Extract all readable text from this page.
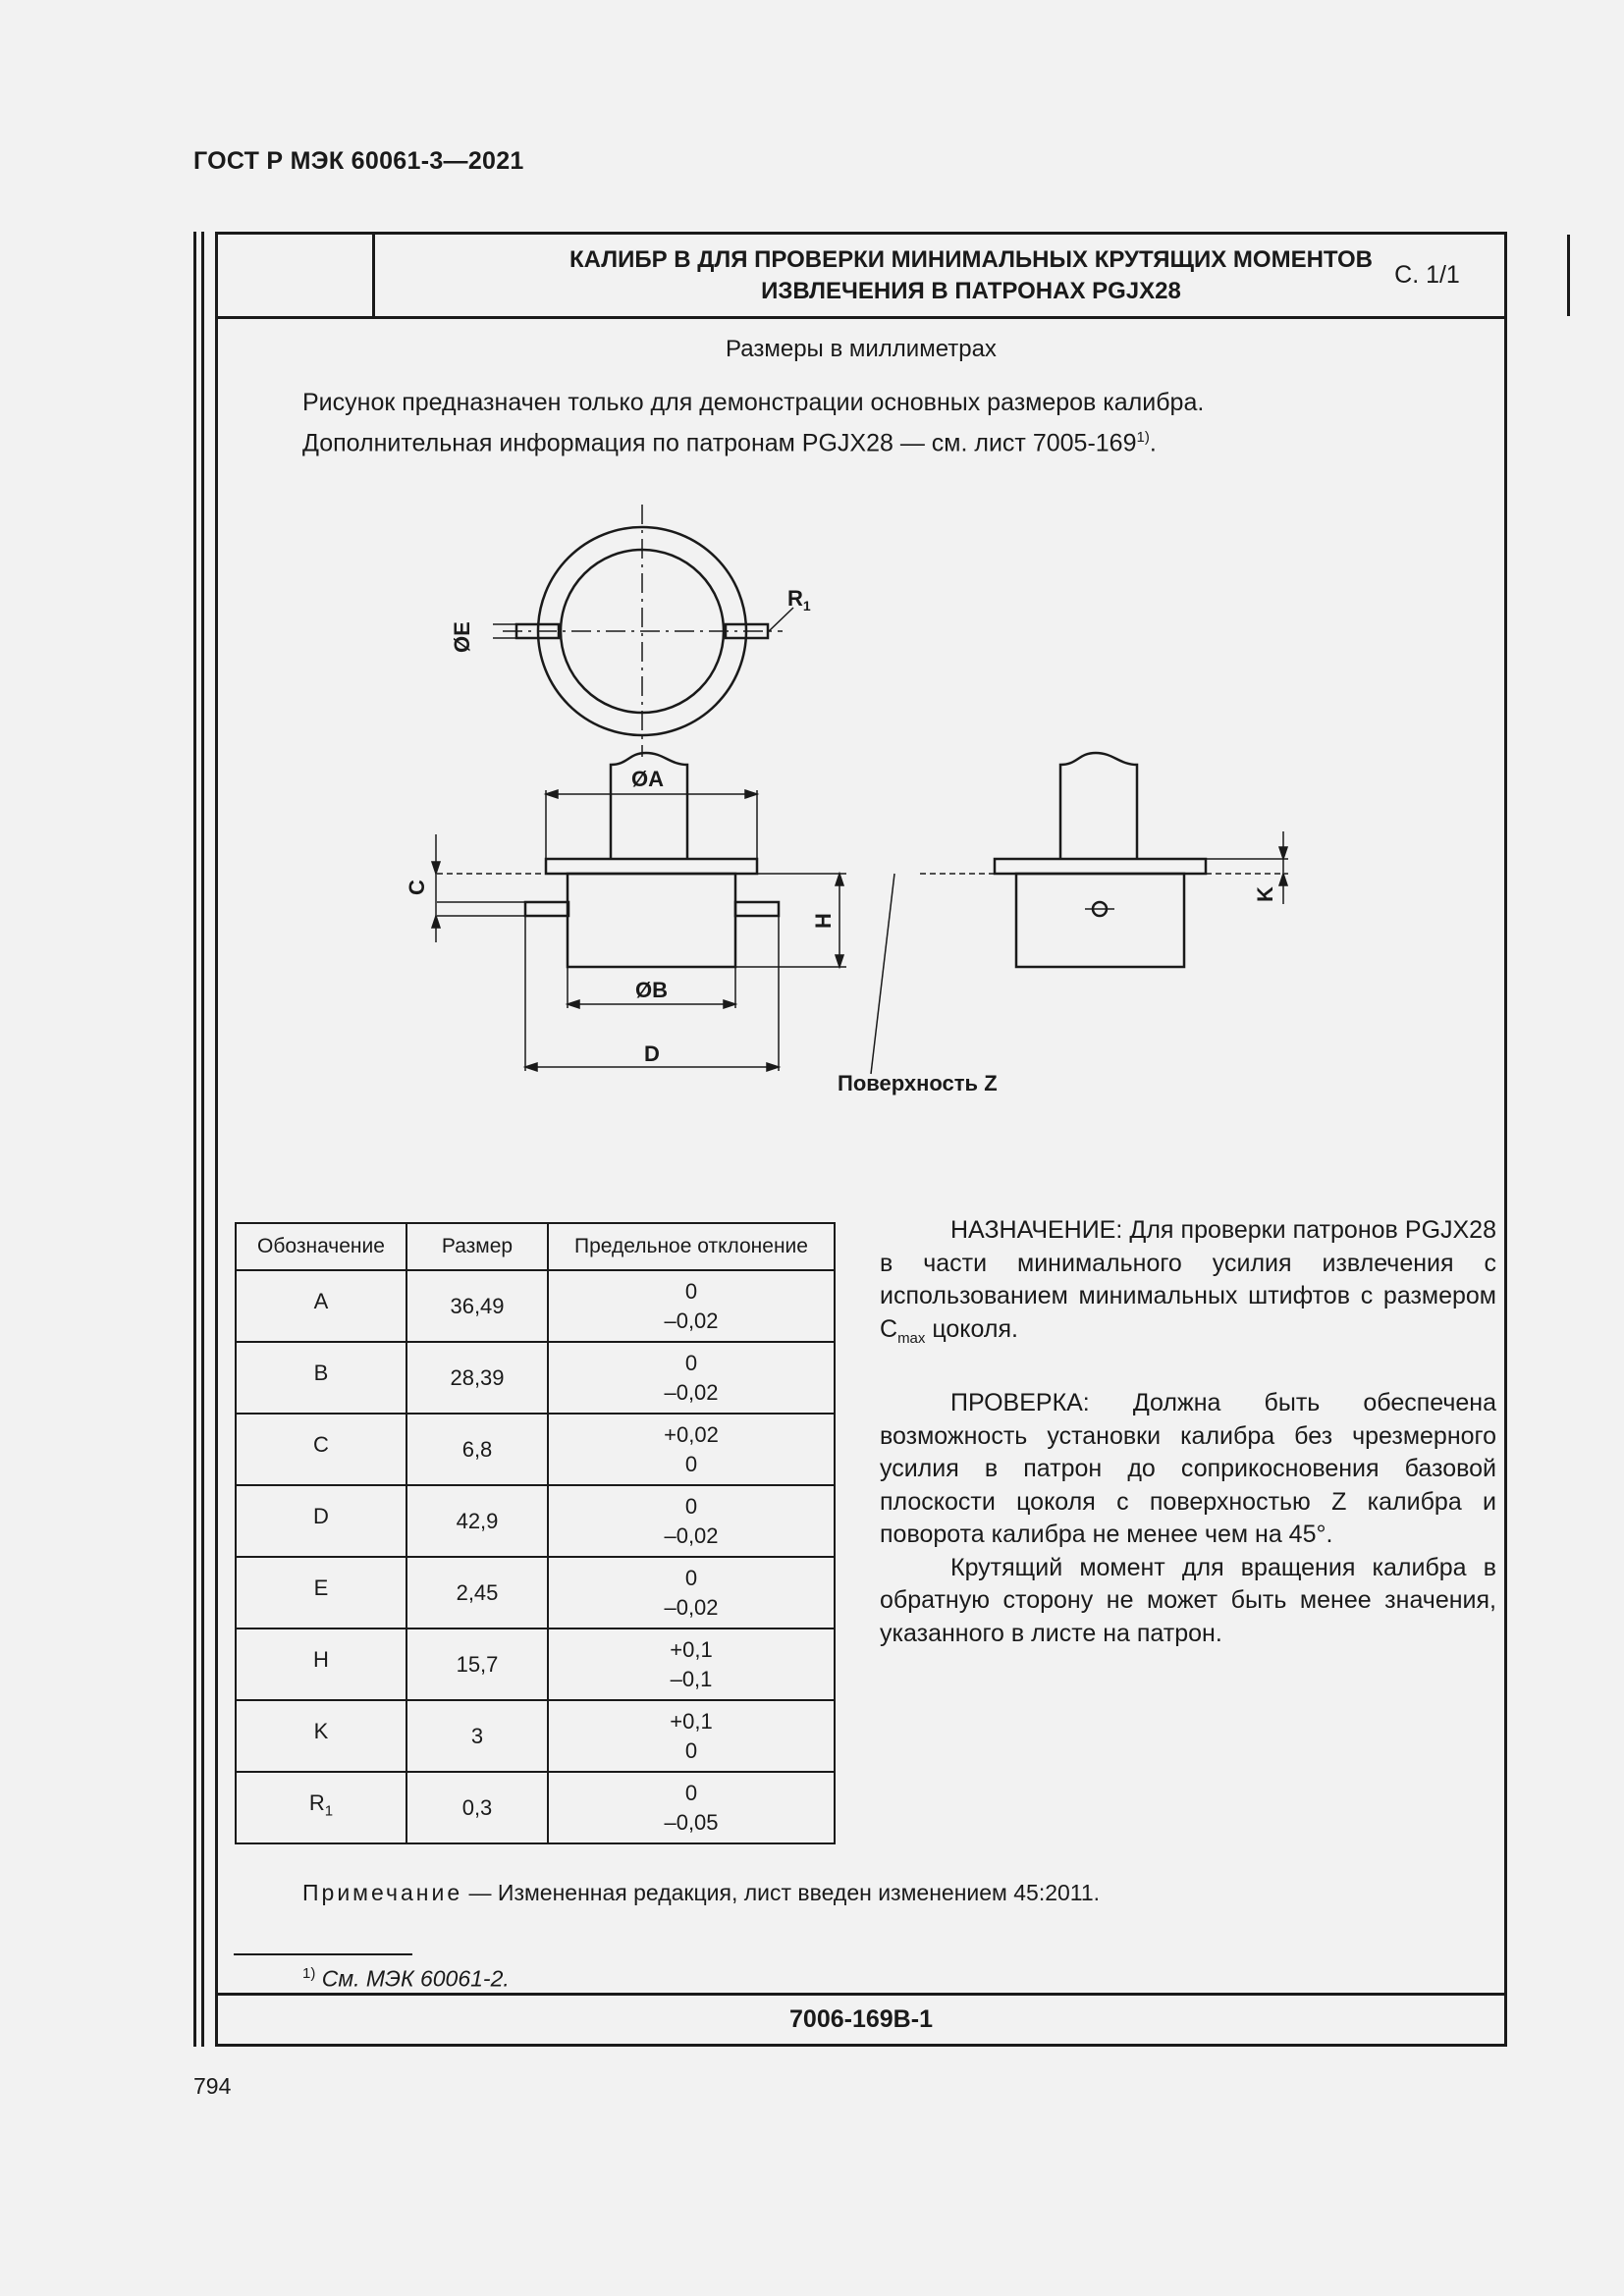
ГОСТ Р МЭК 60061-3—2021
КАЛИБР В ДЛЯ ПРОВЕРКИ МИНИМАЛЬНЫХ КРУТЯЩИХ МОМЕНТОВ
ИЗВЛЕЧЕНИЯ В ПАТРОНАХ PGJX28
С. 1/1
Размеры в миллиметрах
Рисунок предназначен только для демонстрации основных размеров калибра.
Дополнительная информация по патронам PGJX28 — см. лист 7005-169$^{1)}$.
ØE
$R_1$
ØA
C
H
ØB
D
K
Поверхность Z
Обозначение	Размер	Предельное отклонение
A	36,49	0
–0,02

B	28,39	0
–0,02

C	6,8	+0,02
0

D	42,9	0
–0,02

E	2,45	0
–0,02

H	15,7	+0,1
–0,1

K	3	+0,1
0

$R_1$	0,3	0
–0,05

НАЗНАЧЕНИЕ: Для проверки патронов PGJX28 в части минимального усилия извлечения с использованием минимальных штифтов с размером $C_{max}$ цоколя.

ПРОВЕРКА: Должна быть обеспечена возможность установки калибра без чрезмерного усилия в патрон до соприкосновения базовой плоскости цоколя с поверхностью Z калибра и поворота калибра не менее чем на 45°.

Крутящий момент для вращения калибра в обратную сторону не может быть менее значения, указанного в листе на патрон.

Примечание — Измененная редакция, лист введен изменением 45:2011.
$^{1)}$ См. МЭК 60061-2.
7006-169B-1
794
